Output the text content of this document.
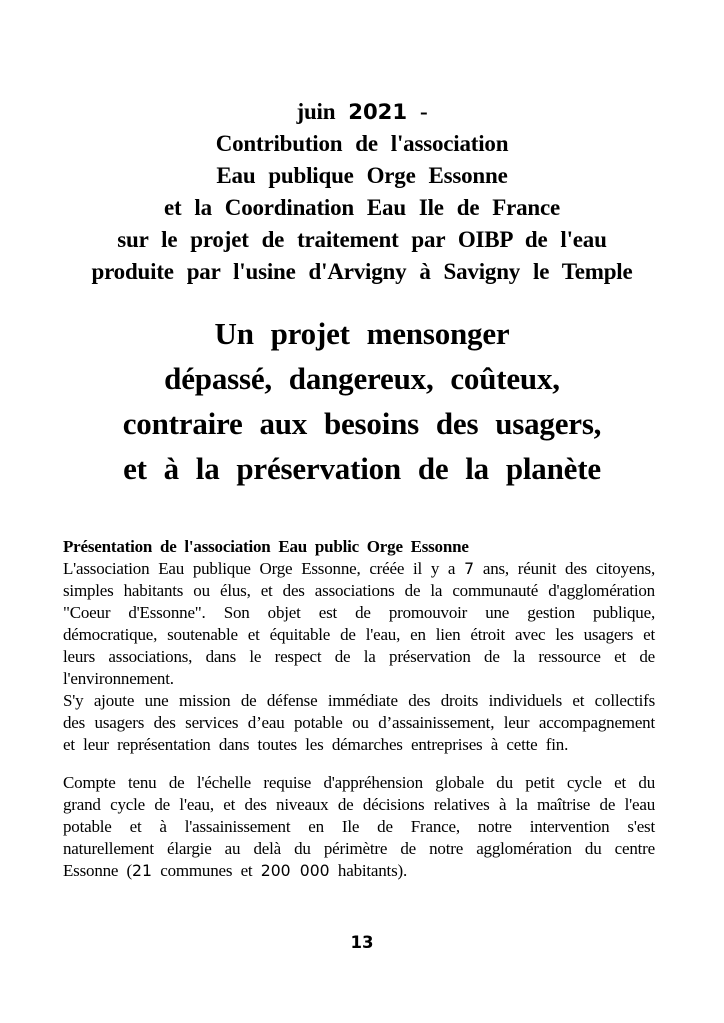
juin 2021 -
Contribution de l'association
Eau publique Orge Essonne
et la Coordination Eau Ile de France
sur le projet de traitement par OIBP de l'eau
produite par l'usine d'Arvigny à Savigny le Temple
Un projet mensonger
dépassé, dangereux, coûteux,
contraire aux besoins des usagers,
et à la préservation de la planète
Présentation de l'association Eau public Orge Essonne

L'association Eau publique Orge Essonne, créée il y a 7 ans, réunit des citoyens, simples habitants ou élus, et des associations de la communauté d'agglomération "Coeur d'Essonne". Son objet est de promouvoir une gestion publique, démocratique, soutenable et équitable de l'eau, en lien étroit avec les usagers et leurs associations, dans le respect de la préservation de la ressource et de l'environnement.

S'y ajoute une mission de défense immédiate des droits individuels et collectifs des usagers des services d’eau potable ou d’assainissement, leur accompagnement et leur représentation dans toutes les démarches entreprises à cette fin.

Compte tenu de l'échelle requise d'appréhension globale du petit cycle et du grand cycle de l'eau, et des niveaux de décisions relatives à la maîtrise de l'eau potable et à l'assainissement en Ile de France, notre intervention s'est naturellement élargie au delà du périmètre de notre agglomération du centre Essonne (21 communes et 200 000 habitants).

13
